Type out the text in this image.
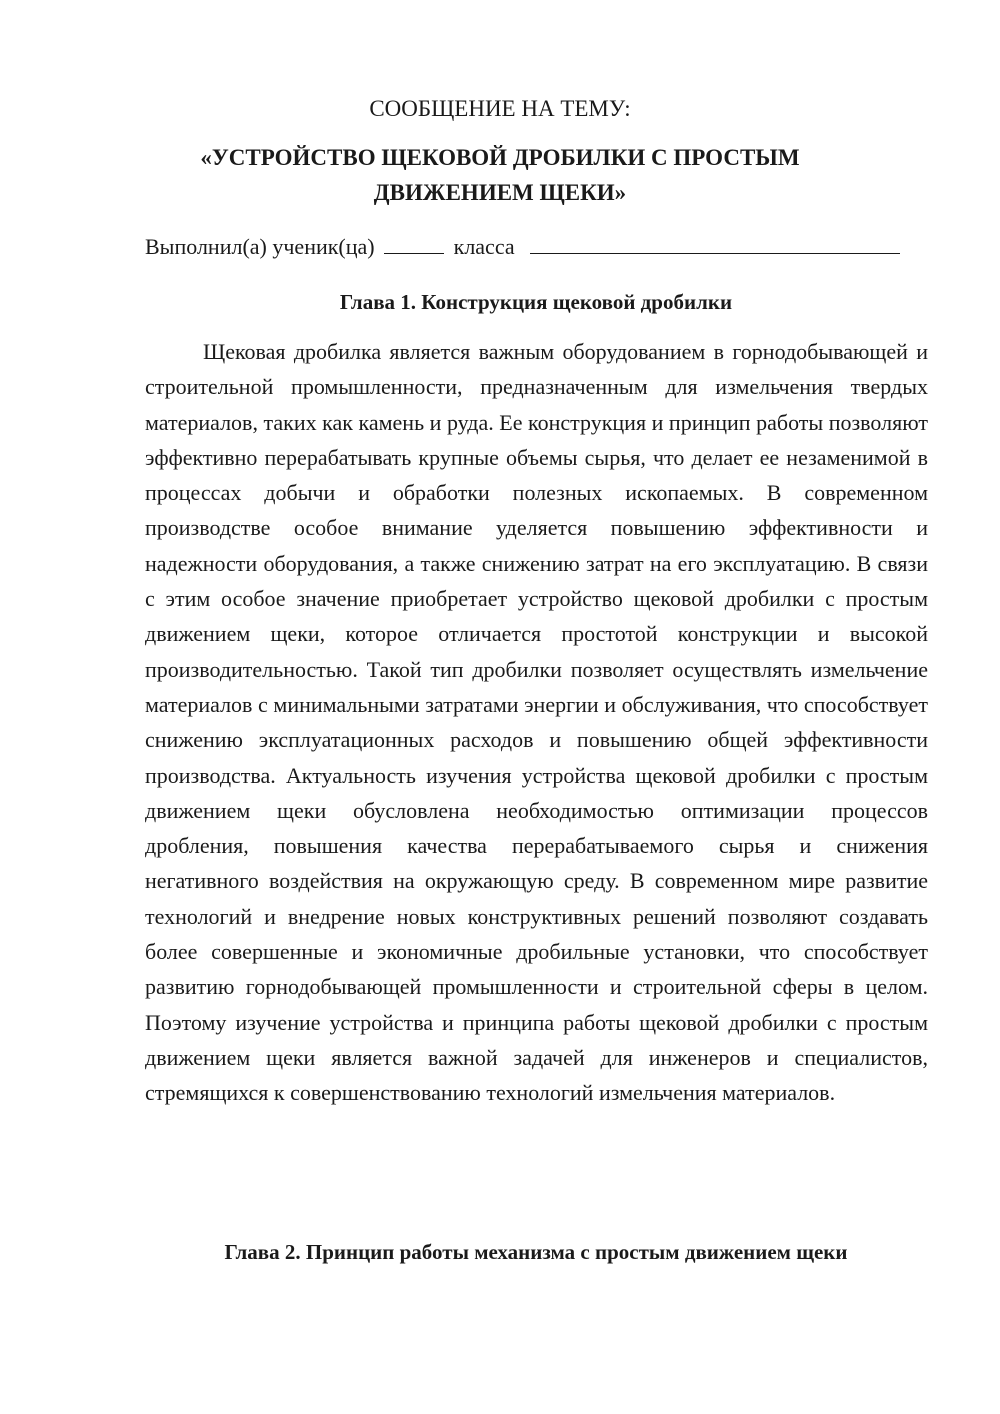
СООБЩЕНИЕ НА ТЕМУ:
«УСТРОЙСТВО ЩЕКОВОЙ ДРОБИЛКИ С ПРОСТЫМ
ДВИЖЕНИЕМ ЩЕКИ»
Выполнил(а) ученик(ца)	класса
Глава 1. Конструкция щековой дробилки

Щековая дробилка является важным оборудованием в горнодобывающей и строительной промышленности, предназначенным для измельчения твердых материалов, таких как камень и руда. Ее конструкция и принцип работы позволяют эффективно перерабатывать крупные объемы сырья, что делает ее незаменимой в процессах добычи и обработки полезных ископаемых. В современном производстве особое внимание уделяется повышению эффективности и надежности оборудования, а также снижению затрат на его эксплуатацию. В связи с этим особое значение приобретает устройство щековой дробилки с простым движением щеки, которое отличается простотой конструкции и высокой производительностью. Такой тип дробилки позволяет осуществлять измельчение материалов с минимальными затратами энергии и обслуживания, что способствует снижению эксплуатационных расходов и повышению общей эффективности производства. Актуальность изучения устройства щековой дробилки с простым движением щеки обусловлена необходимостью оптимизации процессов дробления, повышения качества перерабатываемого сырья и снижения негативного воздействия на окружающую среду. В современном мире развитие технологий и внедрение новых конструктивных решений позволяют создавать более совершенные и экономичные дробильные установки, что способствует развитию горнодобывающей промышленности и строительной сферы в целом. Поэтому изучение устройства и принципа работы щековой дробилки с простым движением щеки является важной задачей для инженеров и специалистов, стремящихся к совершенствованию технологий измельчения материалов.

Глава 2. Принцип работы механизма с простым движением щеки
